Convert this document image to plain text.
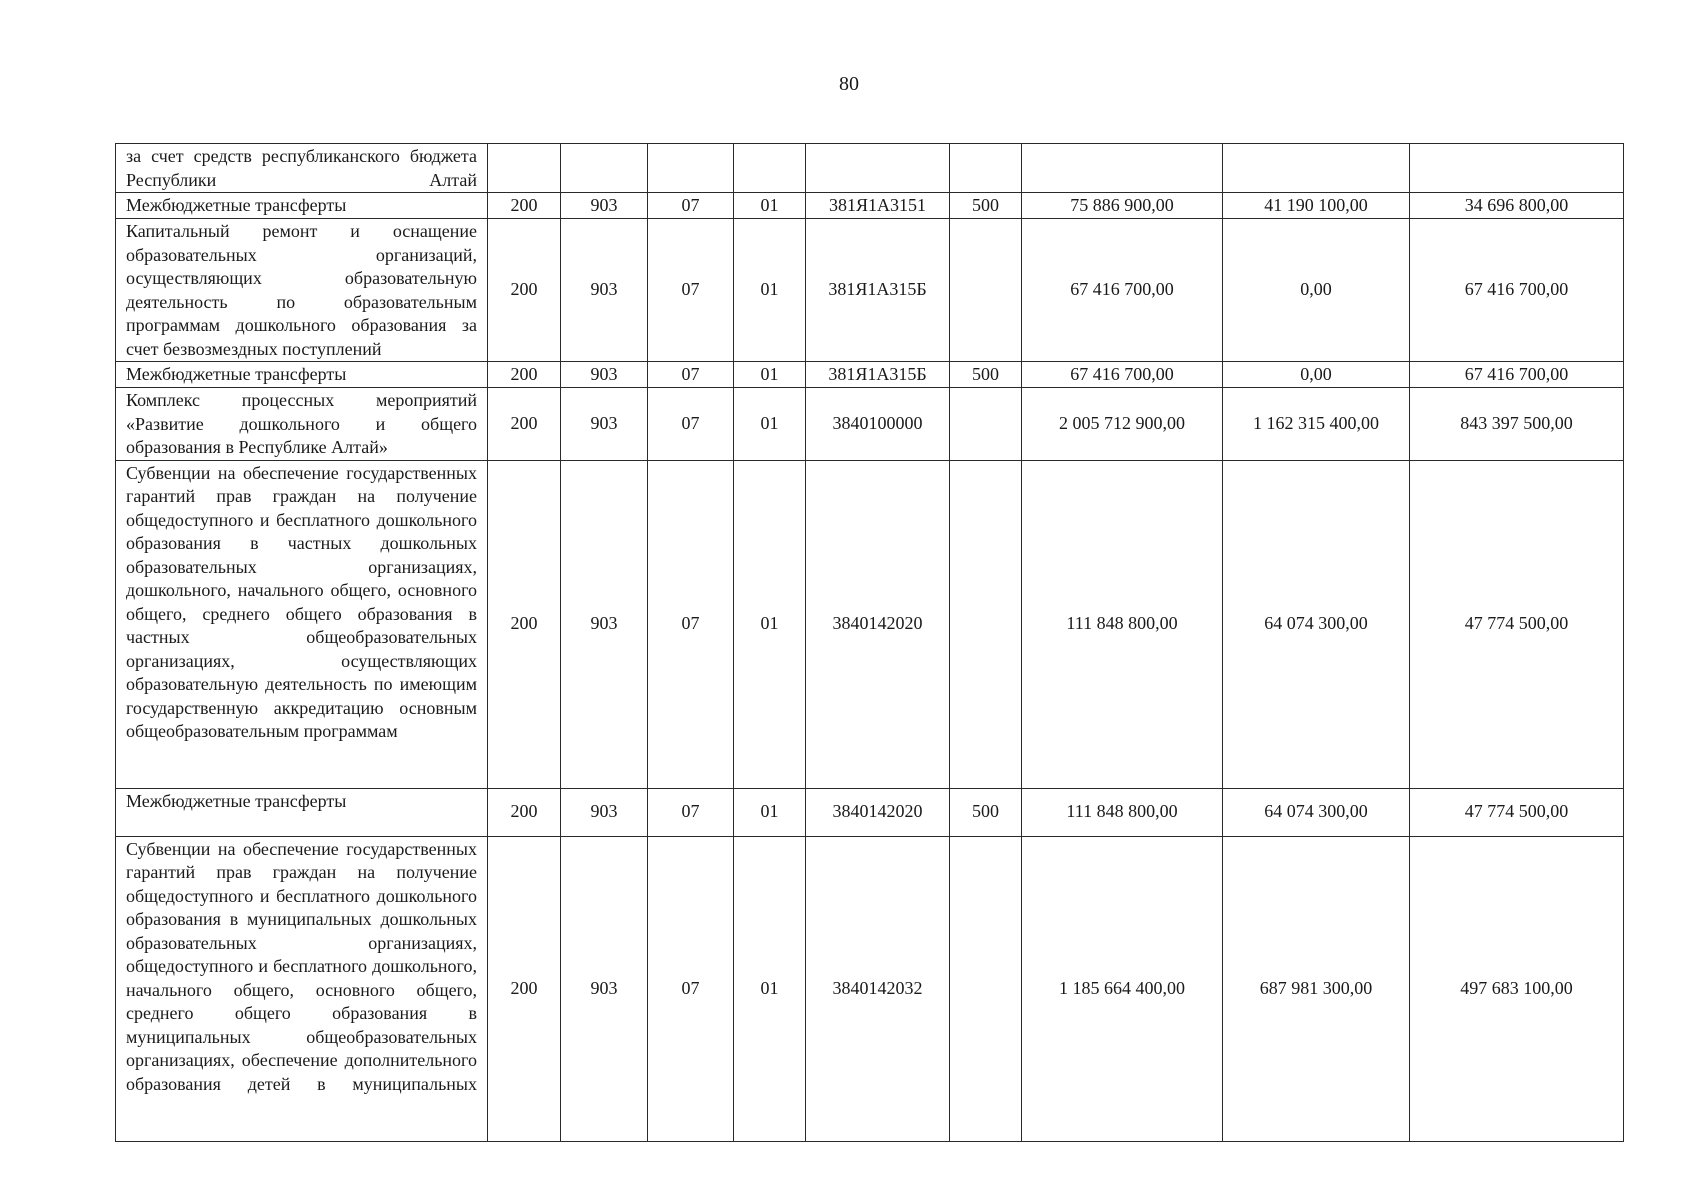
80
за счет средств республиканского бюджета Республики Алтай									
Межбюджетные трансферты	200	903	07	01	381Я1А3151	500	75 886 900,00	41 190 100,00	34 696 800,00
Капитальный ремонт и оснащение образовательных организаций, осуществляющих образовательную деятельность по образовательным программам дошкольного образования за счет безвозмездных поступлений	200	903	07	01	381Я1А315Б		67 416 700,00	0,00	67 416 700,00
Межбюджетные трансферты	200	903	07	01	381Я1А315Б	500	67 416 700,00	0,00	67 416 700,00
Комплекс процессных мероприятий «Развитие дошкольного и общего образования в Республике Алтай»	200	903	07	01	3840100000		2 005 712 900,00	1 162 315 400,00	843 397 500,00
Субвенции на обеспечение государственных гарантий прав граждан на получение общедоступного и бесплатного дошкольного образования в частных дошкольных образовательных организациях, дошкольного, начального общего, основного общего, среднего общего образования в частных общеобразовательных организациях, осуществляющих образовательную деятельность по имеющим государственную аккредитацию основным общеобразовательным программам	200	903	07	01	3840142020		111 848 800,00	64 074 300,00	47 774 500,00
Межбюджетные трансферты	200	903	07	01	3840142020	500	111 848 800,00	64 074 300,00	47 774 500,00
Субвенции на обеспечение государственных гарантий прав граждан на получение общедоступного и бесплатного дошкольного образования в муниципальных дошкольных образовательных организациях, общедоступного и бесплатного дошкольного, начального общего, основного общего, среднего общего образования в муниципальных общеобразовательных организациях, обеспечение дополнительного образования детей в муниципальных	200	903	07	01	3840142032		1 185 664 400,00	687 981 300,00	497 683 100,00
